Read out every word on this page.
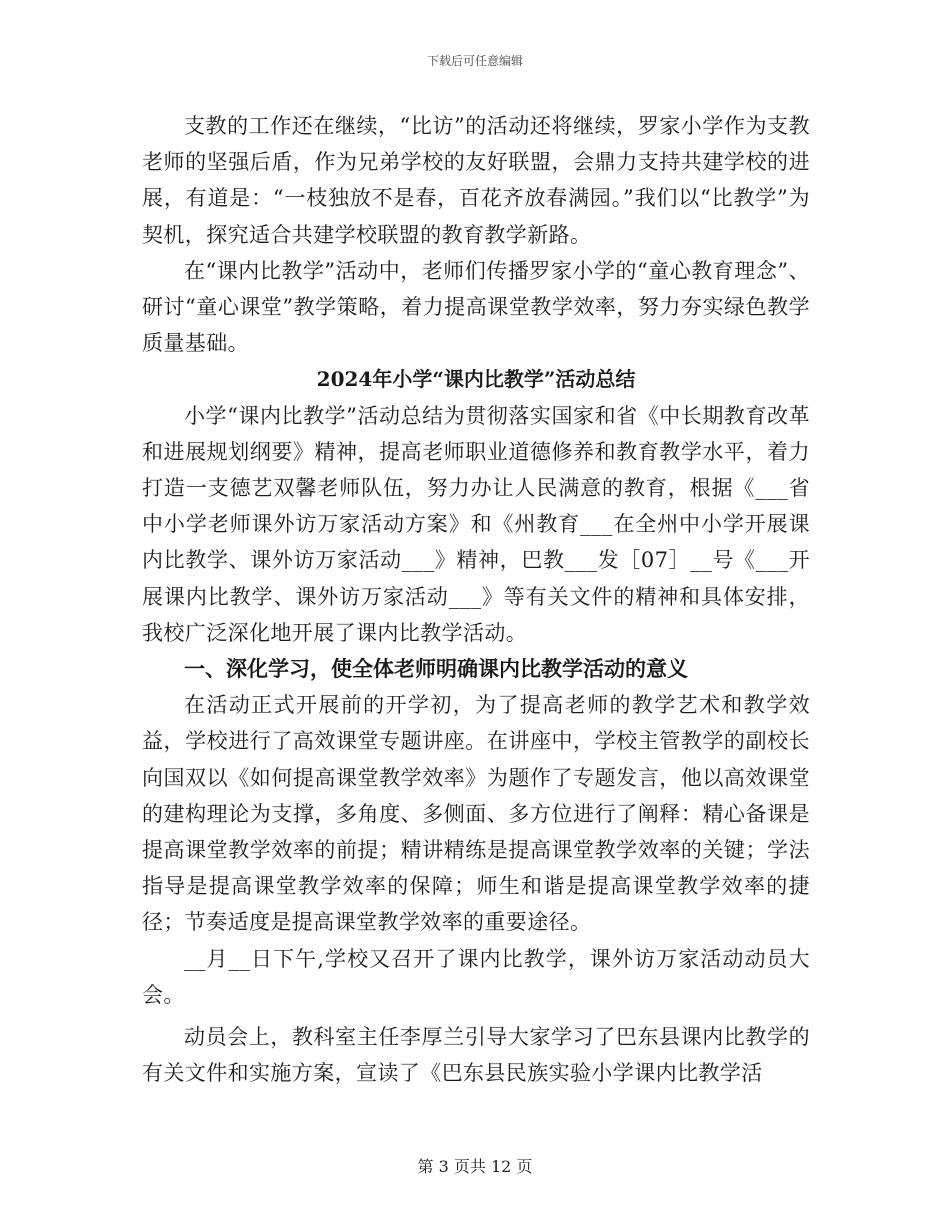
下载后可任意编辑

支教的工作还在继续，“比访”的活动还将继续，罗家小学作为支教老师的坚强后盾，作为兄弟学校的友好联盟，会鼎力支持共建学校的进展，有道是：“一枝独放不是春，百花齐放春满园。”我们以“比教学”为契机，探究适合共建学校联盟的教育教学新路。

在“课内比教学”活动中，老师们传播罗家小学的“童心教育理念”、研讨“童心课堂”教学策略，着力提高课堂教学效率，努力夯实绿色教学质量基础。

2024年小学“课内比教学”活动总结

小学“课内比教学”活动总结为贯彻落实国家和省《中长期教育改革和进展规划纲要》精神，提高老师职业道德修养和教育教学水平，着力打造一支德艺双馨老师队伍，努力办让人民满意的教育，根据《___省中小学老师课外访万家活动方案》和《州教育___在全州中小学开展课内比教学、课外访万家活动___》精神，巴教___发［07］__号《___开展课内比教学、课外访万家活动___》等有关文件的精神和具体安排，我校广泛深化地开展了课内比教学活动。

一、深化学习，使全体老师明确课内比教学活动的意义

在活动正式开展前的开学初，为了提高老师的教学艺术和教学效益，学校进行了高效课堂专题讲座。在讲座中，学校主管教学的副校长向国双以《如何提高课堂教学效率》为题作了专题发言，他以高效课堂的建构理论为支撑，多角度、多侧面、多方位进行了阐释：精心备课是提高课堂教学效率的前提；精讲精练是提高课堂教学效率的关键；学法指导是提高课堂教学效率的保障；师生和谐是提高课堂教学效率的捷径；节奏适度是提高课堂教学效率的重要途径。

__月__日下午,学校又召开了课内比教学，课外访万家活动动员大会。

动员会上，教科室主任李厚兰引导大家学习了巴东县课内比教学的有关文件和实施方案，宣读了《巴东县民族实验小学课内比教学活

第 3 页共 12 页
